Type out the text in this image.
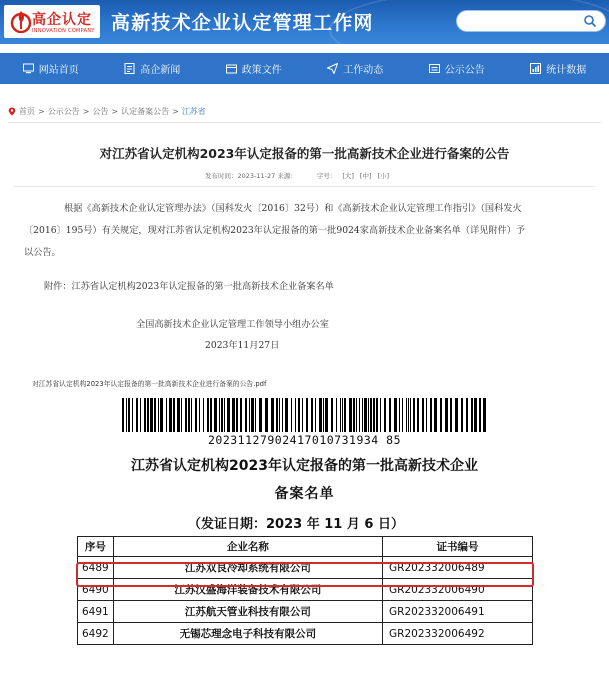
高企认定
INNOVATION COMPANY 高新技术企业认定管理工作网
网站首页	高企新闻	政策文件	工作动态	公示公告	统计数据
首页 > 公示公告 > 公告 > 认定备案公告 > 江苏省
对江苏省认定机构2023年认定报备的第一批高新技术企业进行备案的公告
发布时间：2023-11-27 来源：	字号： [大] [中] [小]
根据《高新技术企业认定管理办法》（国科发火〔2016〕32号）和《高新技术企业认定管理工作指引》（国科发火
〔2016〕195号）有关规定，现对江苏省认定机构2023年认定报备的第一批9024家高新技术企业备案名单（详见附件）予
以公告。
附件：江苏省认定机构2023年认定报备的第一批高新技术企业备案名单
全国高新技术企业认定管理工作领导小组办公室
2023年11月27日
对江苏省认定机构2023年认定报备的第一批高新技术企业进行备案的公告.pdf
20231127902417010731934 85
江苏省认定机构2023年认定报备的第一批高新技术企业
备案名单
（发证日期：2023 年 11 月 6 日）
序号	企业名称	证书编号
6489	江苏双良冷却系统有限公司	GR202332006489
6490	江苏汉盛海洋装备技术有限公司	GR202332006490
6491	江苏航天管业科技有限公司	GR202332006491
6492	无锡芯理念电子科技有限公司	GR202332006492
